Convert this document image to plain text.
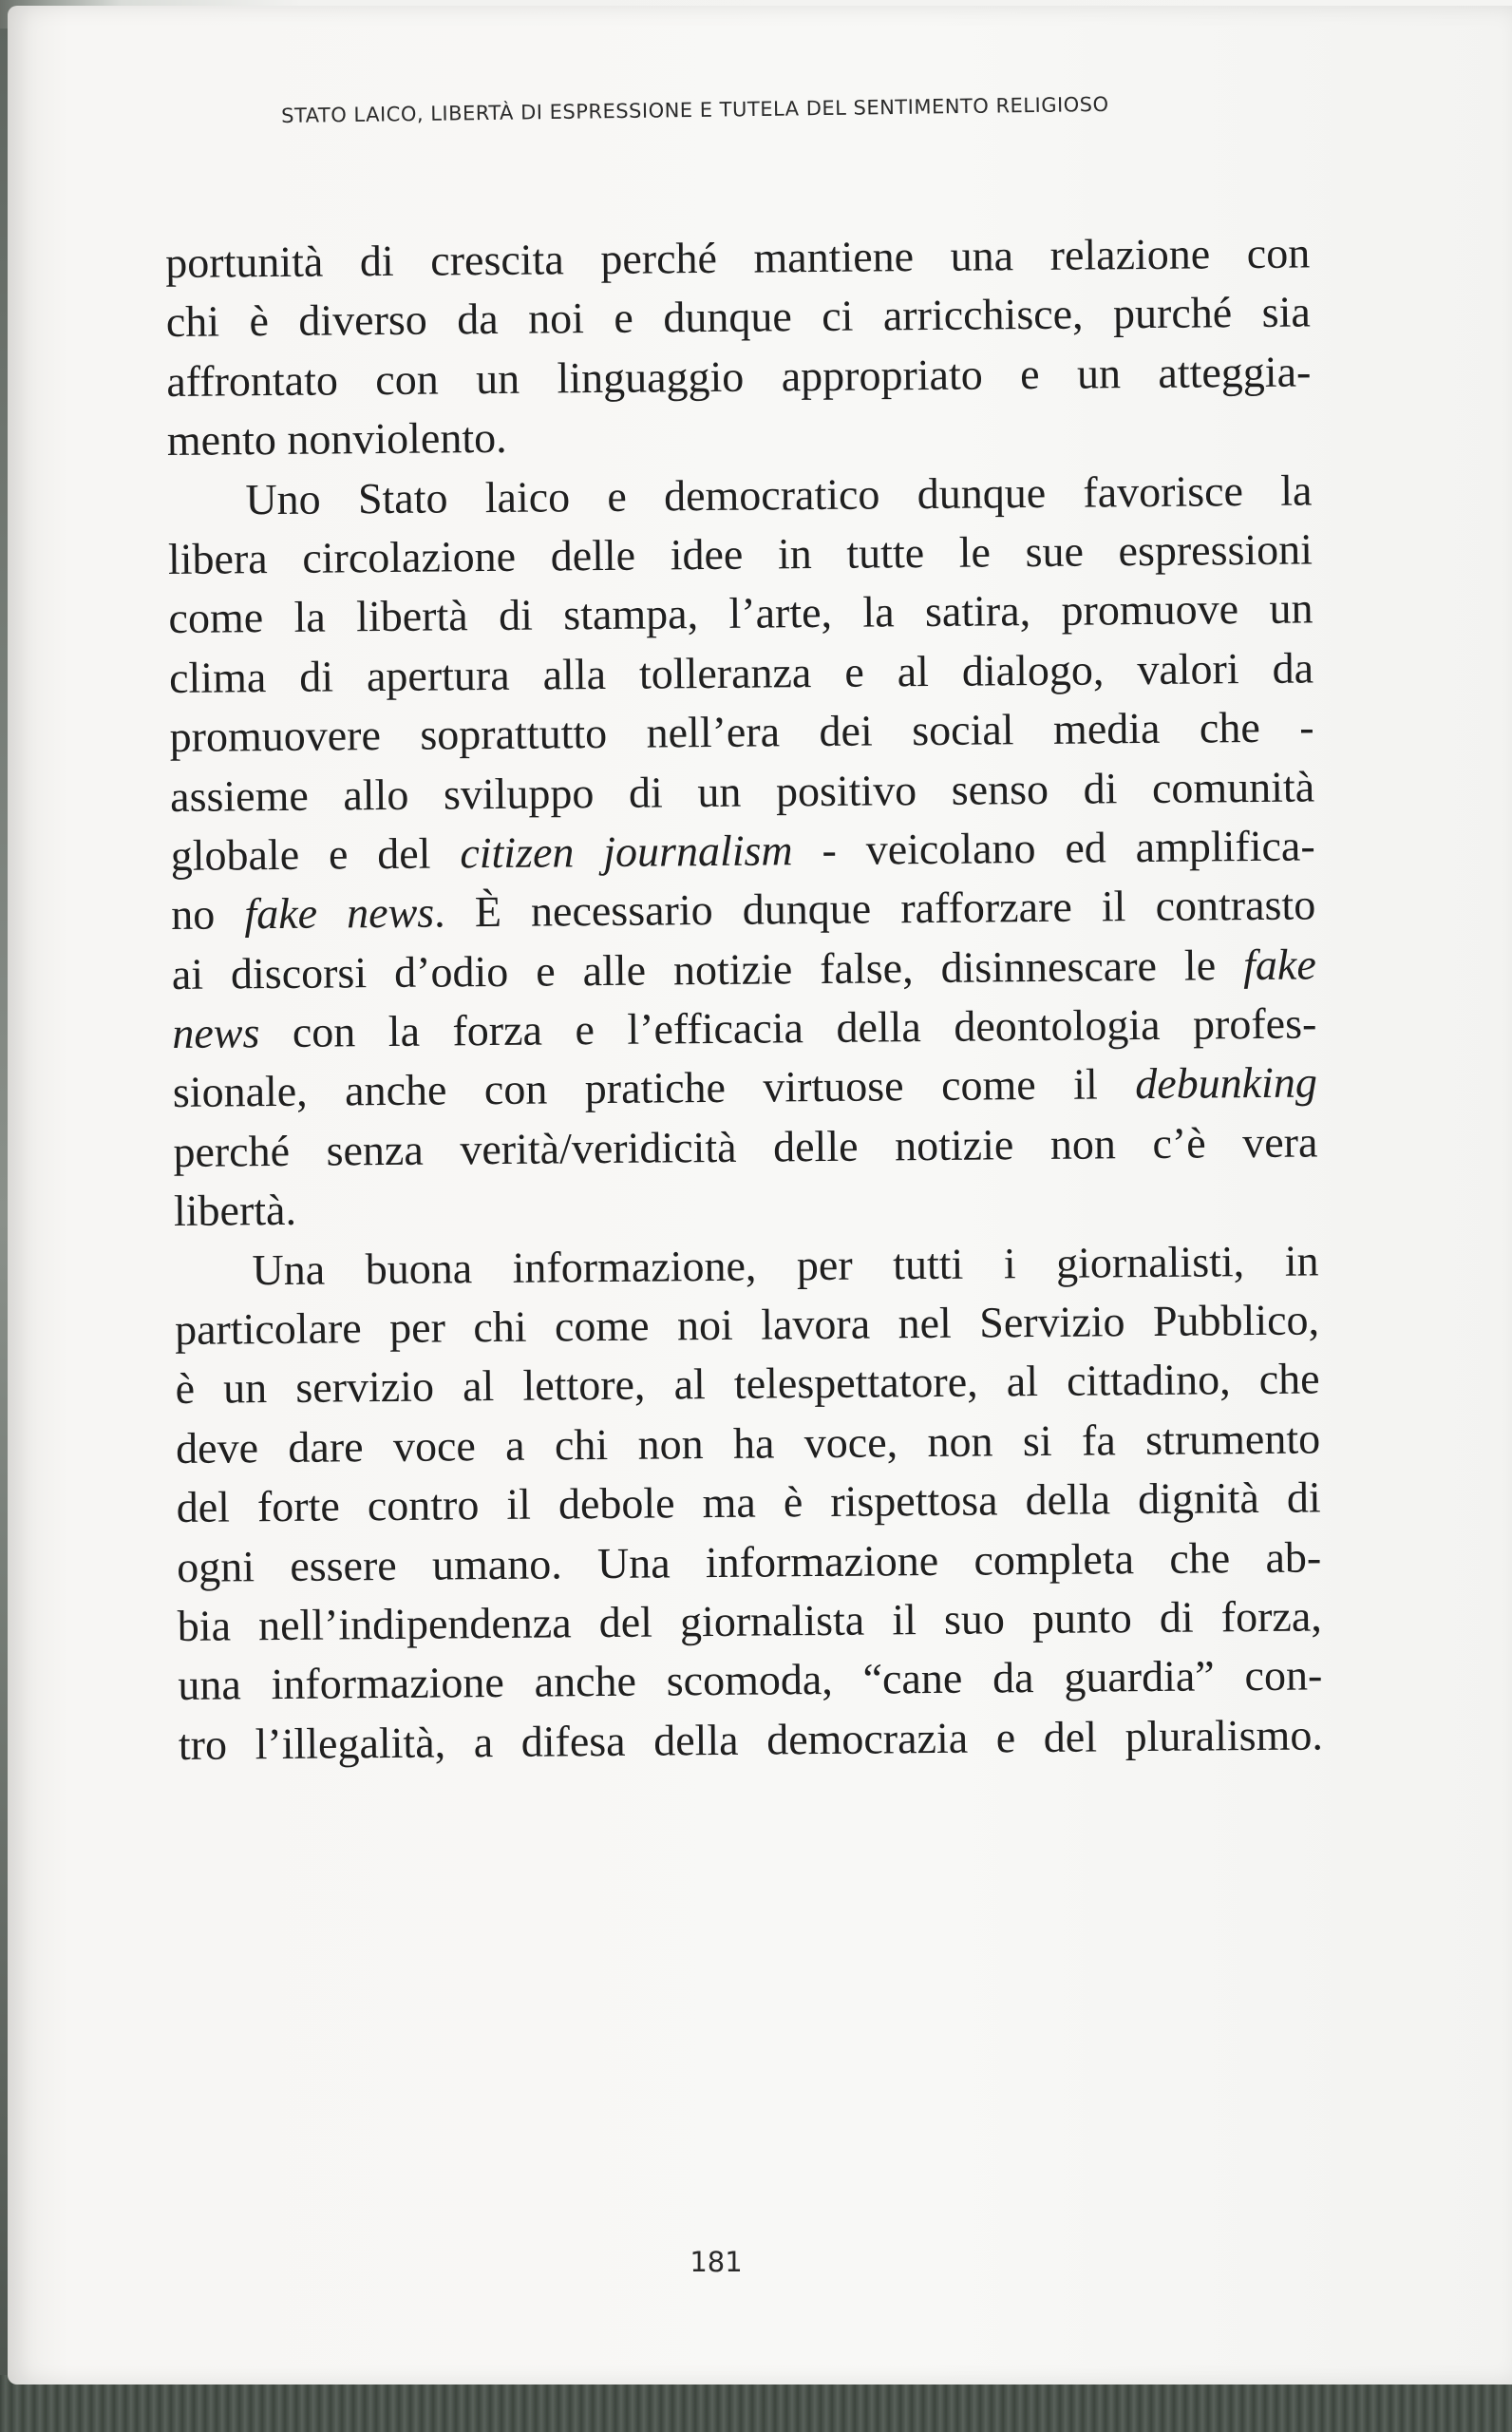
STATO LAICO, LIBERTÀ DI ESPRESSIONE E TUTELA DEL SENTIMENTO RELIGIOSO
portunità di crescita perché mantiene una relazione con
chi è diverso da noi e dunque ci arricchisce, purché sia
affrontato con un linguaggio appropriato e un atteggia-
mento nonviolento.
Uno Stato laico e democratico dunque favorisce la
libera circolazione delle idee in tutte le sue espressioni
come la libertà di stampa, l’arte, la satira, promuove un
clima di apertura alla tolleranza e al dialogo, valori da
promuovere soprattutto nell’era dei social media che -
assieme allo sviluppo di un positivo senso di comunità
globale e del citizen journalism - veicolano ed amplifica-
no fake news. È necessario dunque rafforzare il contrasto
ai discorsi d’odio e alle notizie false, disinnescare le fake
news con la forza e l’efficacia della deontologia profes-
sionale, anche con pratiche virtuose come il debunking
perché senza verità/veridicità delle notizie non c’è vera
libertà.
Una buona informazione, per tutti i giornalisti, in
particolare per chi come noi lavora nel Servizio Pubblico,
è un servizio al lettore, al telespettatore, al cittadino, che
deve dare voce a chi non ha voce, non si fa strumento
del forte contro il debole ma è rispettosa della dignità di
ogni essere umano. Una informazione completa che ab-
bia nell’indipendenza del giornalista il suo punto di forza,
una informazione anche scomoda, “cane da guardia” con-
tro l’illegalità, a difesa della democrazia e del pluralismo.
181
